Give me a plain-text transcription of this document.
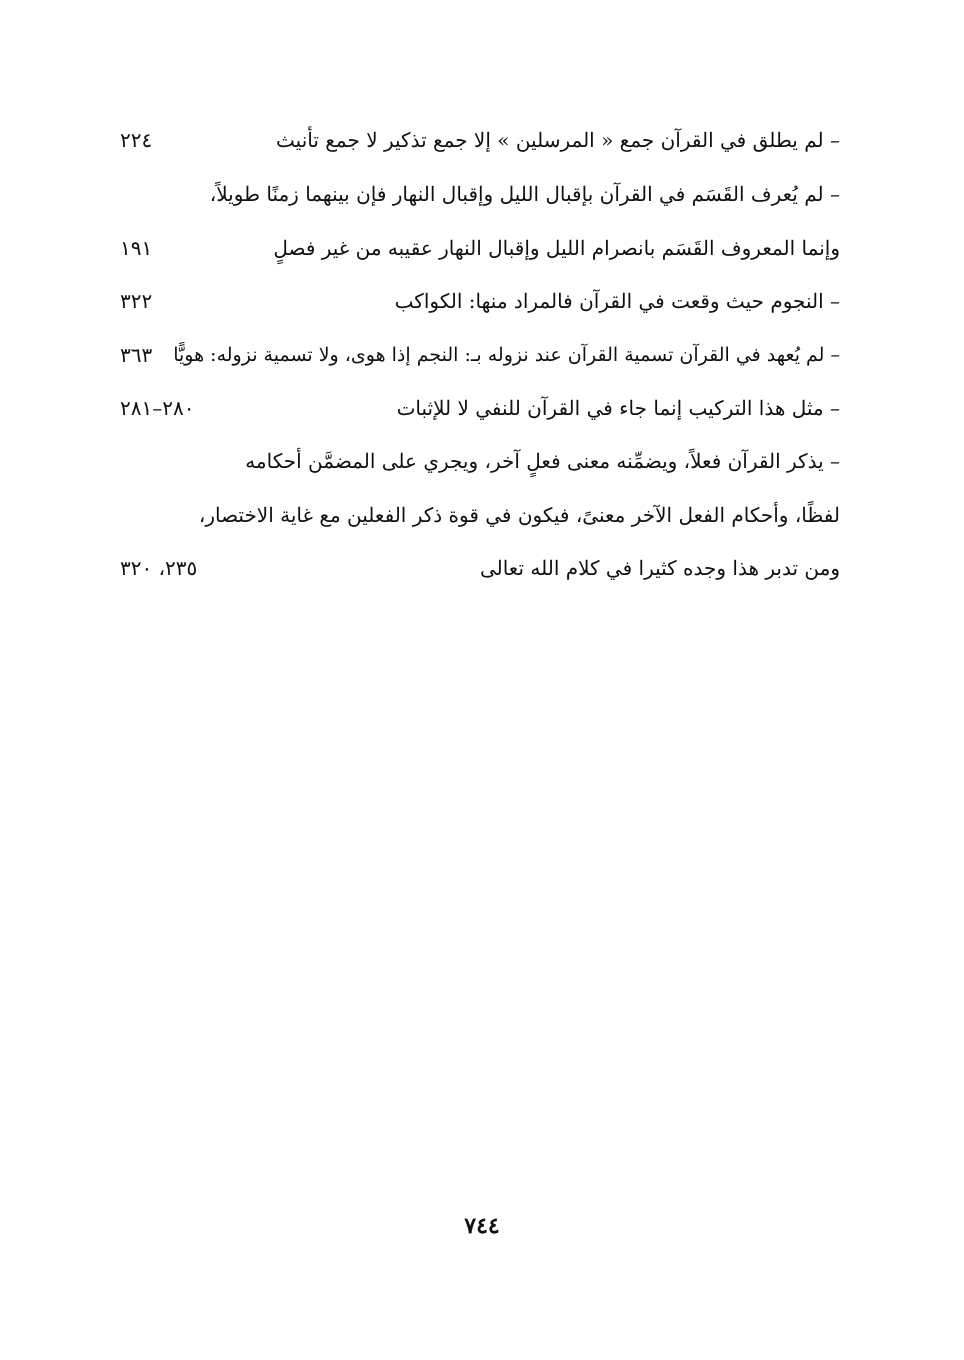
– لم يطلق في القرآن جمع « المرسلين » إلا جمع تذكير لا جمع تأنيث
٢٢٤
– لم يُعرف القَسَم في القرآن بإقبال الليل وإقبال النهار فإن بينهما زمنًا طويلاً،
وإنما المعروف القَسَم بانصرام الليل وإقبال النهار عقيبه من غير فصلٍ
١٩١
– النجوم حيث وقعت في القرآن فالمراد منها: الكواكب
٣٢٢
– لم يُعهد في القرآن تسمية القرآن عند نزوله بـ: النجم إذا هوى، ولا تسمية نزوله: هويًّا
٣٦٣
– مثل هذا التركيب إنما جاء في القرآن للنفي لا للإثبات
٢٨٠–٢٨١
– يذكر القرآن فعلاً، ويضمِّنه معنى فعلٍ آخر، ويجري على المضمَّن أحكامه
لفظًا، وأحكام الفعل الآخر معنىً، فيكون في قوة ذكر الفعلين مع غاية الاختصار،
ومن تدبر هذا وجده كثيرا في كلام الله تعالى
٢٣٥، ٣٢٠
٧٤٤
